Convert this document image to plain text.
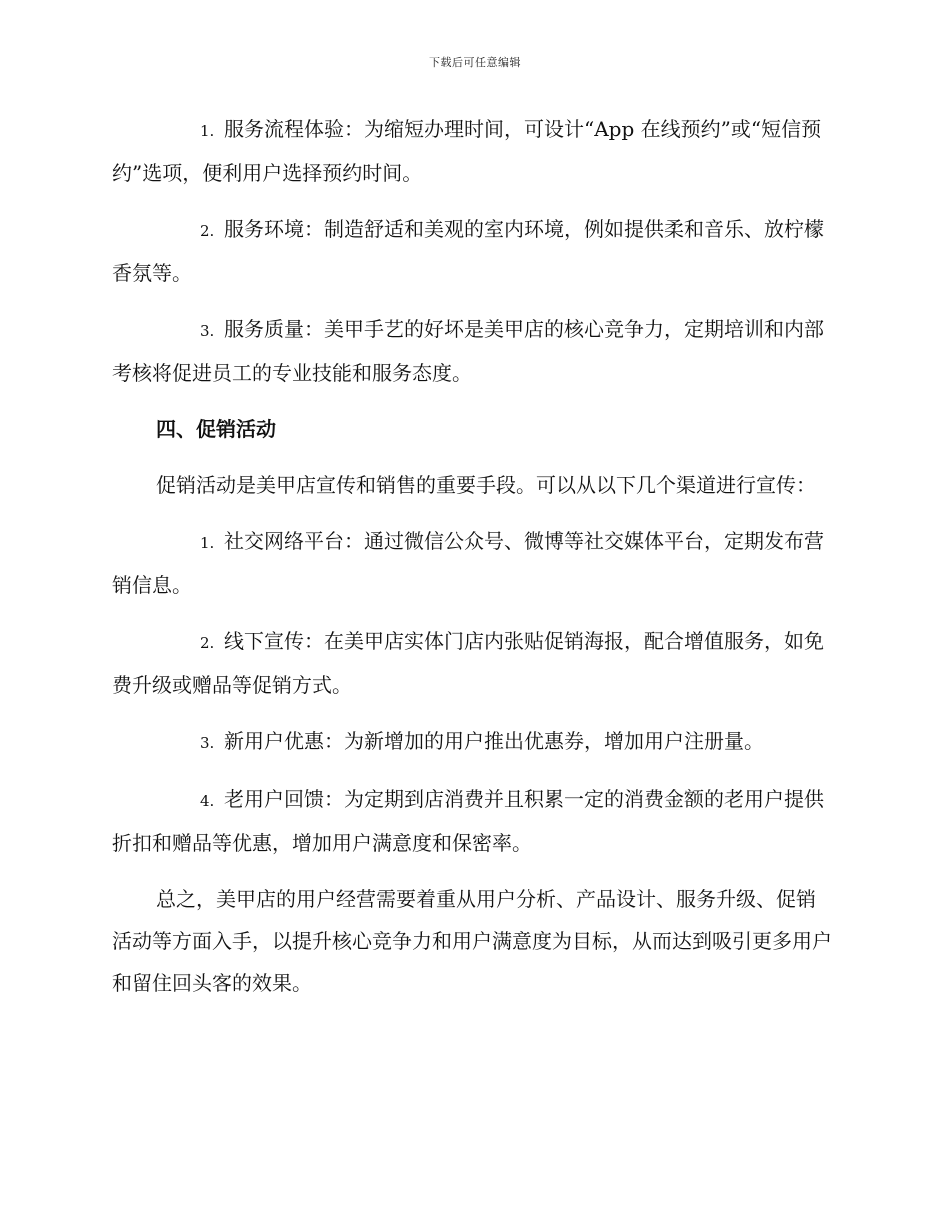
下载后可任意编辑

1. 服务流程体验：为缩短办理时间，可设计“App 在线预约”或“短信预约”选项，便利用户选择预约时间。

2. 服务环境：制造舒适和美观的室内环境，例如提供柔和音乐、放柠檬香氛等。

3. 服务质量：美甲手艺的好坏是美甲店的核心竞争力，定期培训和内部考核将促进员工的专业技能和服务态度。

四、促销活动

促销活动是美甲店宣传和销售的重要手段。可以从以下几个渠道进行宣传：

1. 社交网络平台：通过微信公众号、微博等社交媒体平台，定期发布营销信息。

2. 线下宣传：在美甲店实体门店内张贴促销海报，配合增值服务，如免费升级或赠品等促销方式。

3. 新用户优惠：为新增加的用户推出优惠券，增加用户注册量。

4. 老用户回馈：为定期到店消费并且积累一定的消费金额的老用户提供折扣和赠品等优惠，增加用户满意度和保密率。

总之，美甲店的用户经营需要着重从用户分析、产品设计、服务升级、促销活动等方面入手，以提升核心竞争力和用户满意度为目标，从而达到吸引更多用户和留住回头客的效果。
